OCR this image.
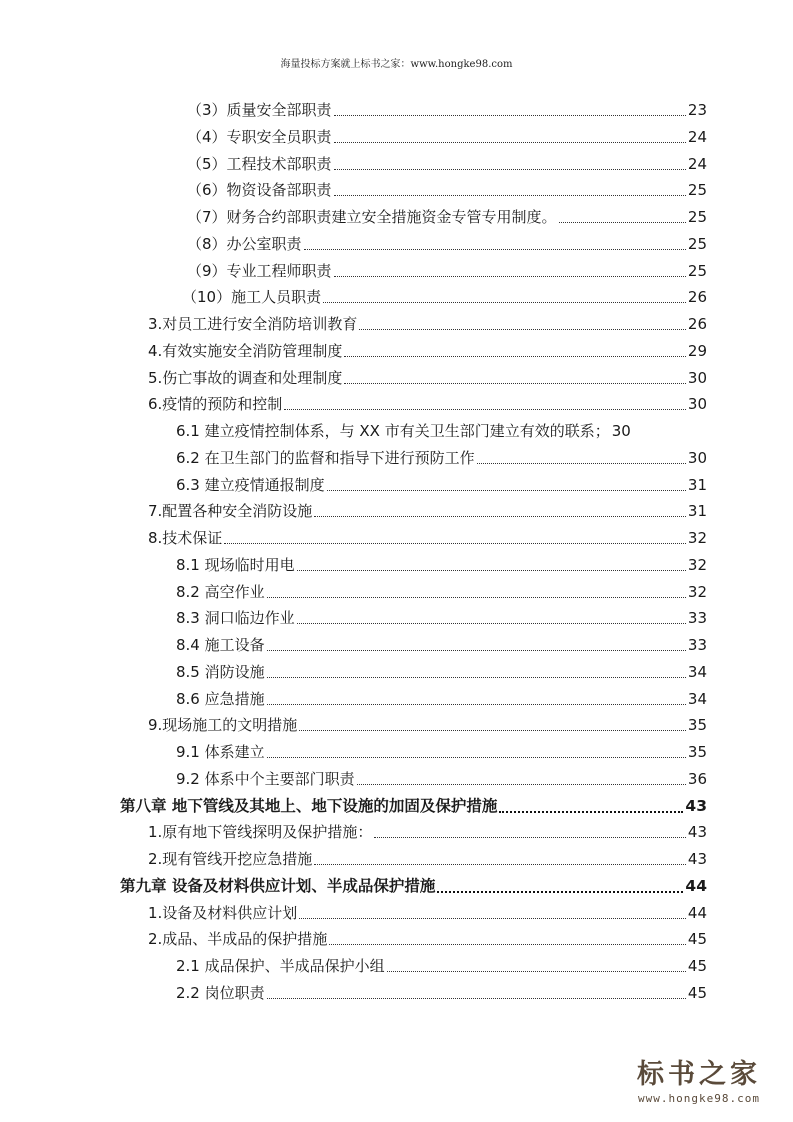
海量投标方案就上标书之家：www.hongke98.com
（3）质量安全部职责	23
（4）专职安全员职责	24
（5）工程技术部职责	24
（6）物资设备部职责	25
（7）财务合约部职责建立安全措施资金专管专用制度。	25
（8）办公室职责	25
（9）专业工程师职责	25
（10）施工人员职责	26
3.对员工进行安全消防培训教育	26
4.有效实施安全消防管理制度	29
5.伤亡事故的调查和处理制度	30
6.疫情的预防和控制	30
6.1 建立疫情控制体系，与 XX 市有关卫生部门建立有效的联系； 30
6.2 在卫生部门的监督和指导下进行预防工作	30
6.3 建立疫情通报制度	31
7.配置各种安全消防设施	31
8.技术保证	32
8.1 现场临时用电	32
8.2 高空作业	32
8.3 洞口临边作业	33
8.4 施工设备	33
8.5 消防设施	34
8.6 应急措施	34
9.现场施工的文明措施	35
9.1 体系建立	35
9.2 体系中个主要部门职责	36
第八章 地下管线及其地上、地下设施的加固及保护措施	43
1.原有地下管线探明及保护措施：	43
2.现有管线开挖应急措施	43
第九章 设备及材料供应计划、半成品保护措施	44
1.设备及材料供应计划	44
2.成品、半成品的保护措施	45
2.1 成品保护、半成品保护小组	45
2.2 岗位职责	45
标书之家
www.hongke98.com
